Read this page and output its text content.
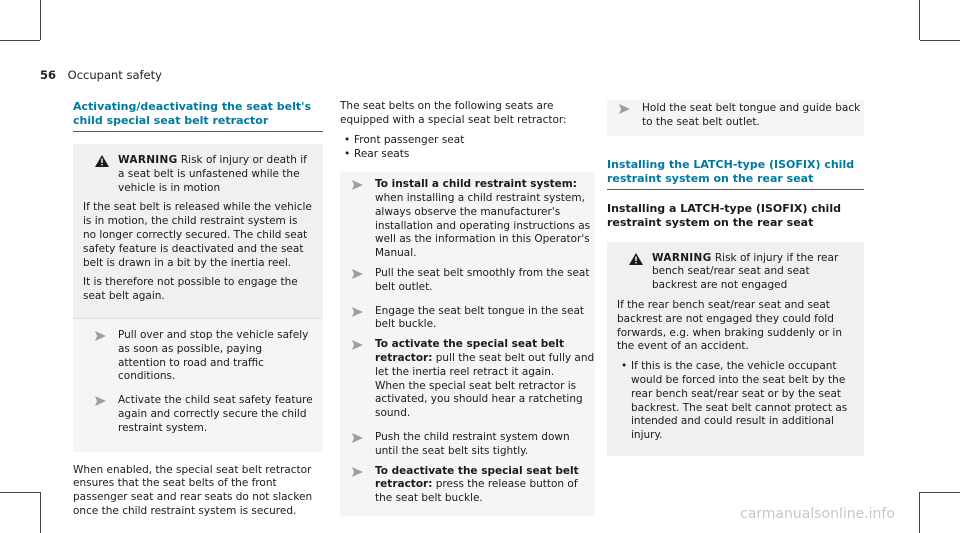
56 Occupant safety
Activating/deactivating the seat belt's child special seat belt retractor
WARNING Risk of injury or death if a seat belt is unfastened while the vehicle is in motion

If the seat belt is released while the vehicle is in motion, the child restraint system is no longer correctly secured. The child seat safety feature is deactivated and the seat belt is drawn in a bit by the inertia reel.

It is therefore not possible to engage the seat belt again.

Pull over and stop the vehicle safely as soon as possible, paying attention to road and traffic conditions.
Activate the child seat safety feature again and correctly secure the child restraint system.

When enabled, the special seat belt retractor ensures that the seat belts of the front passenger seat and rear seats do not slacken once the child restraint system is secured.

The seat belts on the following seats are equipped with a special seat belt retractor:

• Front passenger seat
• Rear seats
To install a child restraint system: when installing a child restraint system, always observe the manufacturer's installation and operating instructions as well as the information in this Operator's Manual.
Pull the seat belt smoothly from the seat belt outlet.
Engage the seat belt tongue in the seat belt buckle.
To activate the special seat belt retractor: pull the seat belt out fully and let the inertia reel retract it again.
When the special seat belt retractor is activated, you should hear a ratcheting sound.
Push the child restraint system down until the seat belt sits tightly.
To deactivate the special seat belt retractor: press the release button of the seat belt buckle.
Hold the seat belt tongue and guide back to the seat belt outlet.
Installing the LATCH-type (ISOFIX) child restraint system on the rear seat
Installing a LATCH-type (ISOFIX) child restraint system on the rear seat
WARNING Risk of injury if the rear bench seat/rear seat and seat backrest are not engaged

If the rear bench seat/rear seat and seat backrest are not engaged they could fold forwards, e.g. when braking suddenly or in the event of an accident.

• If this is the case, the vehicle occupant would be forced into the seat belt by the rear bench seat/rear seat or by the seat backrest. The seat belt cannot protect as intended and could result in additional injury.
carmanualsonline.info
